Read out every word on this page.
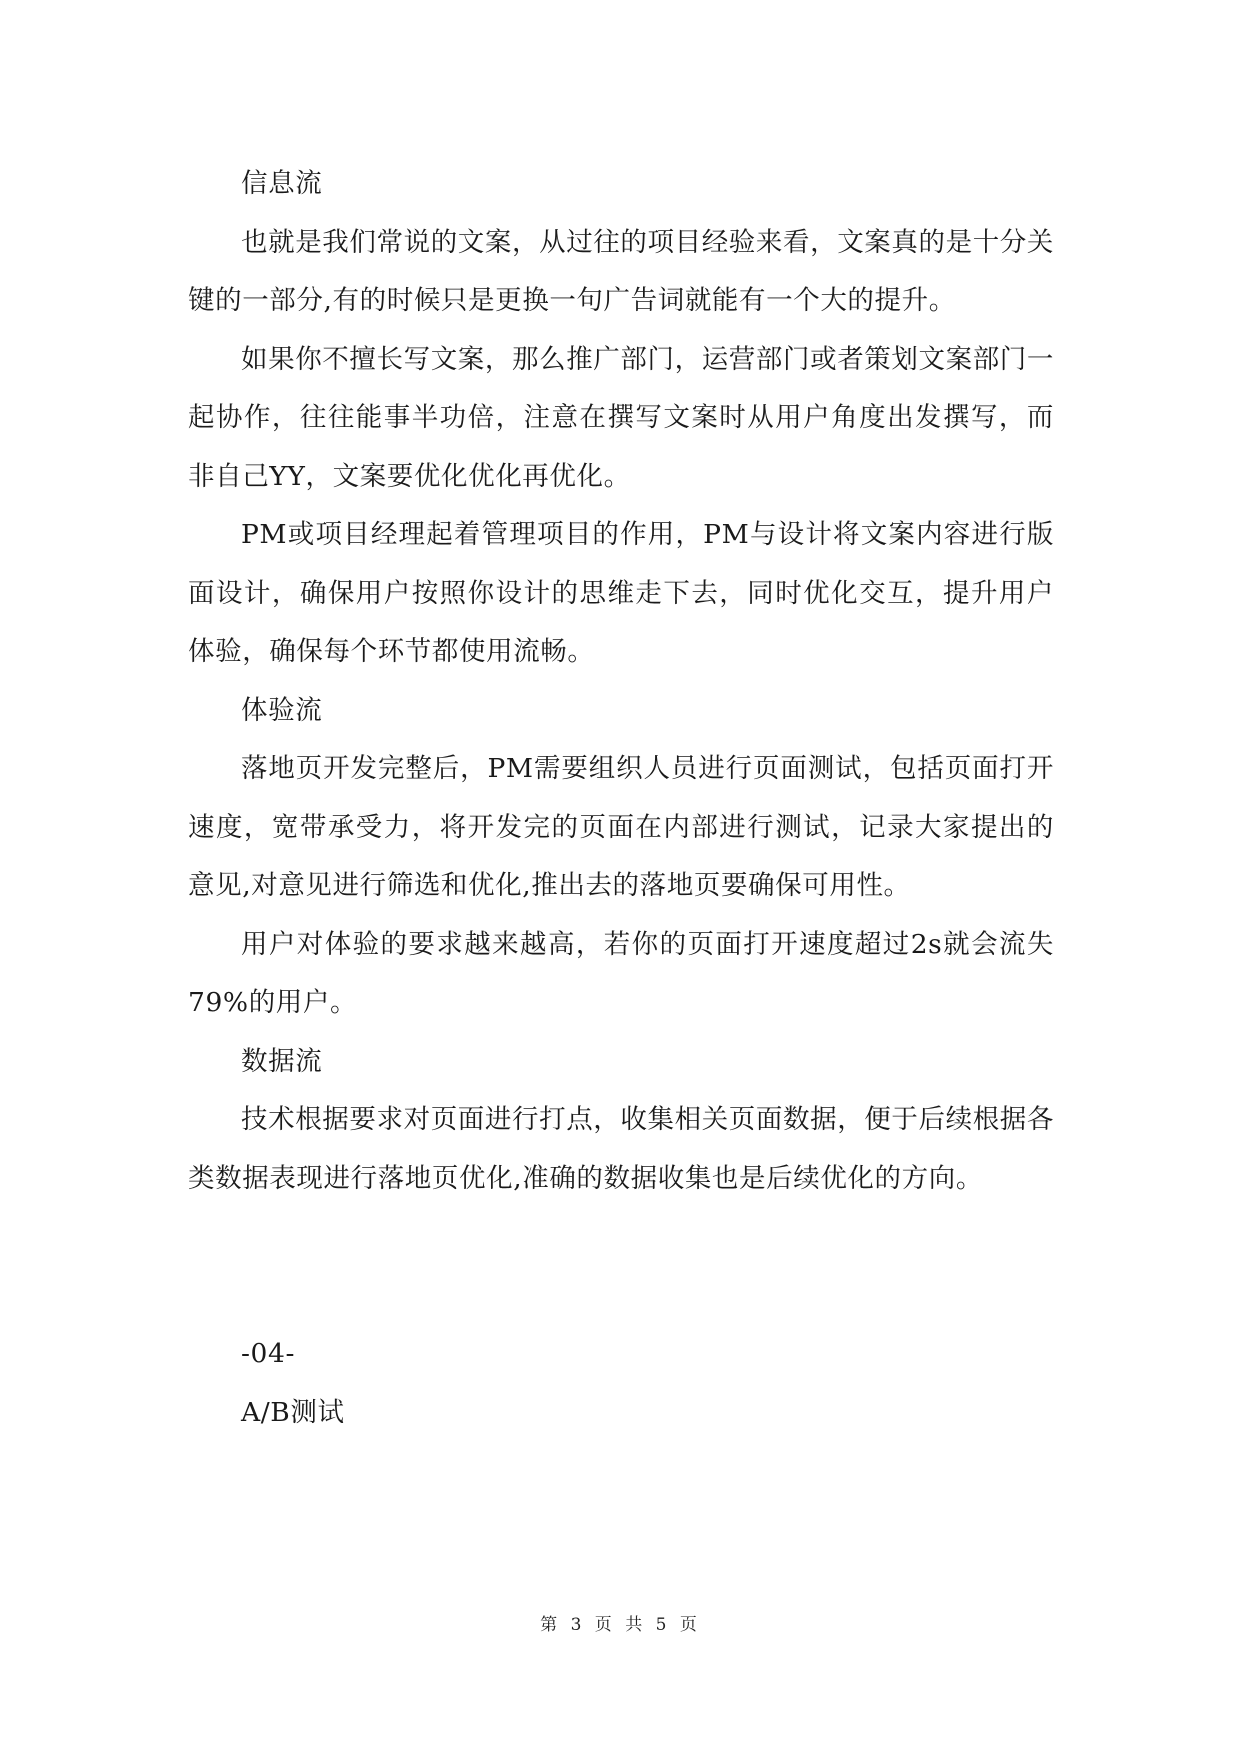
信息流

也就是我们常说的文案，从过往的项目经验来看，文案真的是十分关键的一部分,有的时候只是更换一句广告词就能有一个大的提升。

如果你不擅长写文案，那么推广部门，运营部门或者策划文案部门一起协作，往往能事半功倍，注意在撰写文案时从用户角度出发撰写，而非自己YY，文案要优化优化再优化。

PM或项目经理起着管理项目的作用，PM与设计将文案内容进行版面设计，确保用户按照你设计的思维走下去，同时优化交互，提升用户体验，确保每个环节都使用流畅。

体验流

落地页开发完整后，PM需要组织人员进行页面测试，包括页面打开速度，宽带承受力，将开发完的页面在内部进行测试，记录大家提出的意见,对意见进行筛选和优化,推出去的落地页要确保可用性。

用户对体验的要求越来越高，若你的页面打开速度超过2s就会流失79%的用户。

数据流

技术根据要求对页面进行打点，收集相关页面数据，便于后续根据各类数据表现进行落地页优化,准确的数据收集也是后续优化的方向。

-04-

A/B测试

第 3 页 共 5 页
